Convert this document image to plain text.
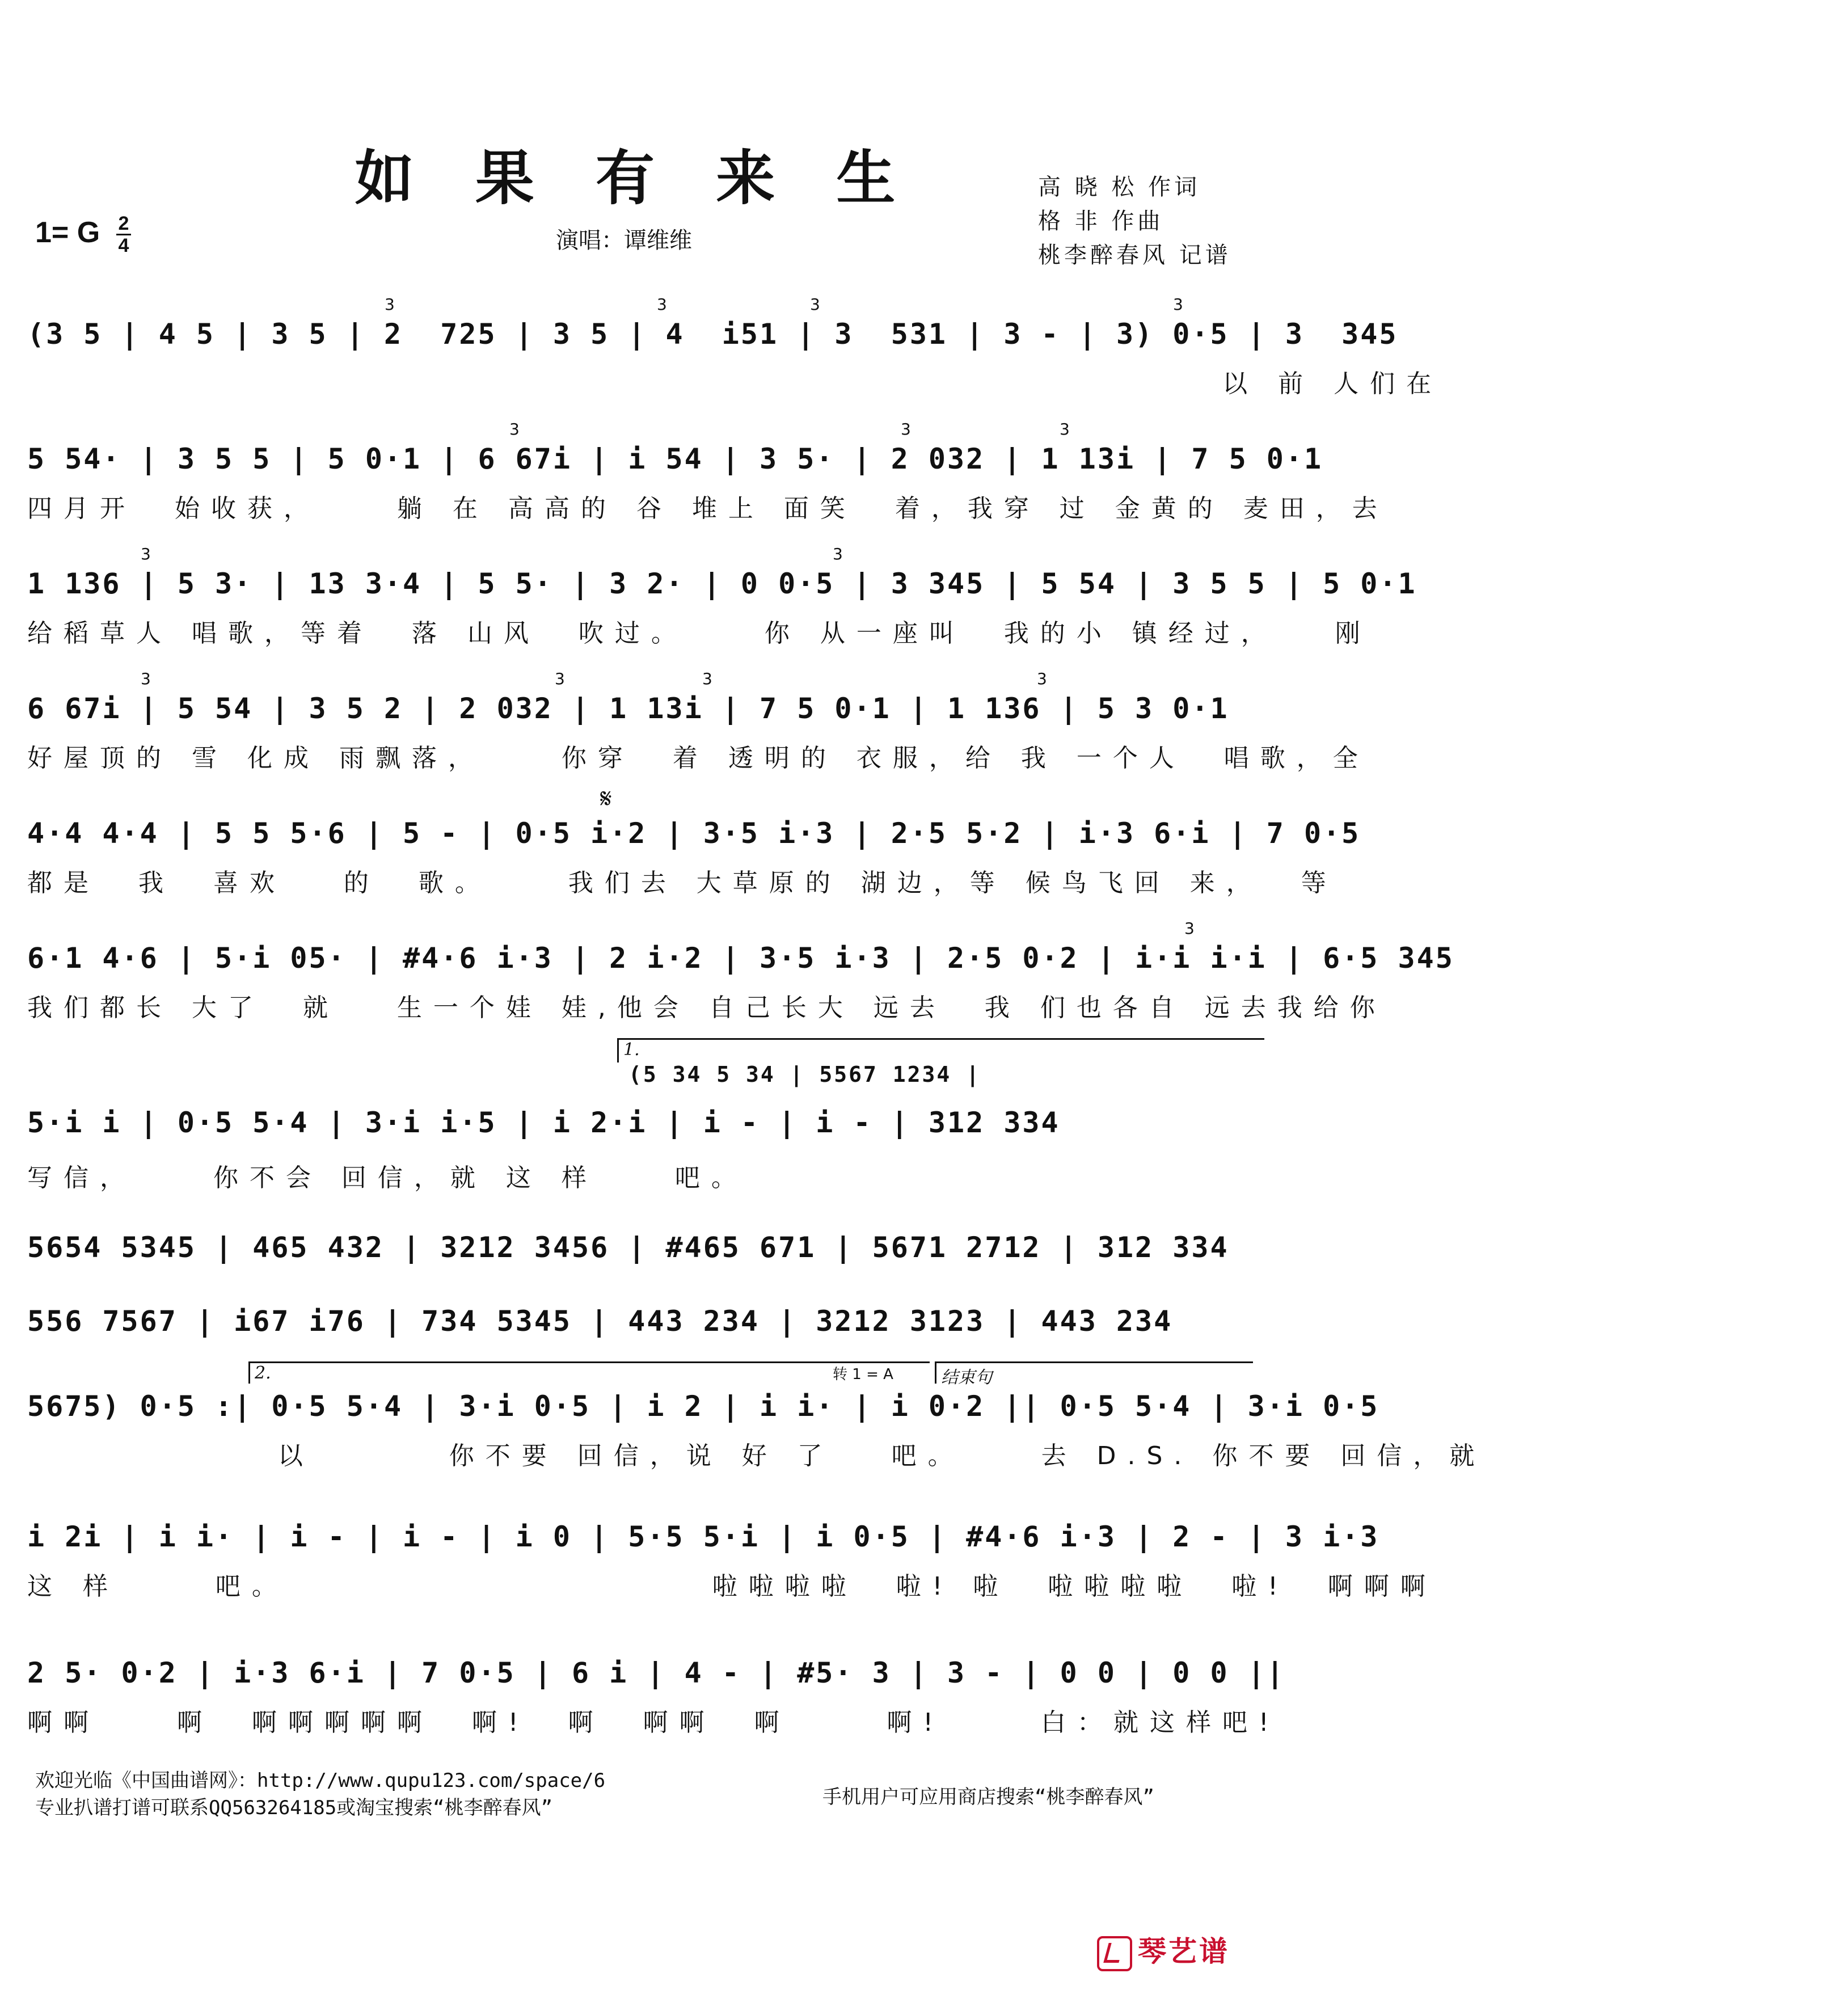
如 果 有 来 生
1= G 2
4	演唱：谭维维
高 晓 松 作词
格 非 作曲
桃李醉春风 记谱
3	3	3	3
(3 5 | 4 5 | 3 5 | 2  725 | 3 5 | 4  i51 | 3  531 | 3 - | 3) 0·5 | 3  345
以 前 人们在
3	3	3
5 54· | 3 5 5 | 5 0·1 | 6 67i | i 54 | 3 5· | 2 032 | 1 13i | 7 5 0·1
四月开  始收获，    躺 在 高高的 谷 堆上 面笑  着，我穿 过 金黄的 麦田，去
3	3
1 136 | 5 3· | 13 3·4 | 5 5· | 3 2· | 0 0·5 | 3 345 | 5 54 | 3 5 5 | 5 0·1
给稻草人 唱歌，等着  落 山风  吹过。    你 从一座叫  我的小 镇经过，   刚
3	3	3	3
6 67i | 5 54 | 3 5 2 | 2 032 | 1 13i | 7 5 0·1 | 1 136 | 5 3 0·1
好屋顶的 雪 化成 雨飘落，    你穿  着 透明的 衣服，给 我 一个人  唱歌，全
𝄋
4·4 4·4 | 5 5 5·6 | 5 - | 0·5 i·2 | 3·5 i·3 | 2·5 5·2 | i·3 6·i | 7 0·5
都是  我  喜欢   的  歌。    我们去 大草原的 湖边，等 候鸟飞回 来，  等
3
6·1 4·6 | 5·i 05· | #4·6 i·3 | 2 i·2 | 3·5 i·3 | 2·5 0·2 | i·i i·i | 6·5 345
我们都长 大了  就   生一个娃 娃,他会 自己长大 远去  我 们也各自 远去我给你
1.
(5 34 5 34 | 5567 1234 |
5·i i | 0·5 5·4 | 3·i i·5 | i 2·i | i - | i - | 312 334
写信，    你不会 回信，就 这 样    吧。
5654 5345 | 465 432 | 3212 3456 | #465 671 | 5671 2712 | 312 334
556 7567 | i67 i76 | 734 5345 | 443 234 | 3212 3123 | 443 234
2.	转 1 = A	结束句
5675) 0·5 :| 0·5 5·4 | 3·i 0·5 | i 2 | i i· | i 0·2 || 0·5 5·4 | 3·i 0·5
以       你不要 回信，说 好 了   吧。    去 D.S. 你不要 回信，就
i 2i | i i· | i - | i - | i 0 | 5·5 5·i | i 0·5 | #4·6 i·3 | 2 - | 3 i·3
这 样     吧。                      啦啦啦啦  啦! 啦  啦啦啦啦  啦!  啊啊啊
2 5· 0·2 | i·3 6·i | 7 0·5 | 6 i | 4 - | #5· 3 | 3 - | 0 0 | 0 0 ||
啊啊    啊  啊啊啊啊啊  啊!  啊  啊啊  啊     啊!     白：就这样吧!
欢迎光临《中国曲谱网》：http://www.qupu123.com/space/6
专业扒谱打谱可联系QQ563264185或淘宝搜索“桃李醉春风”	手机用户可应用商店搜索“桃李醉春风”
琴艺谱
